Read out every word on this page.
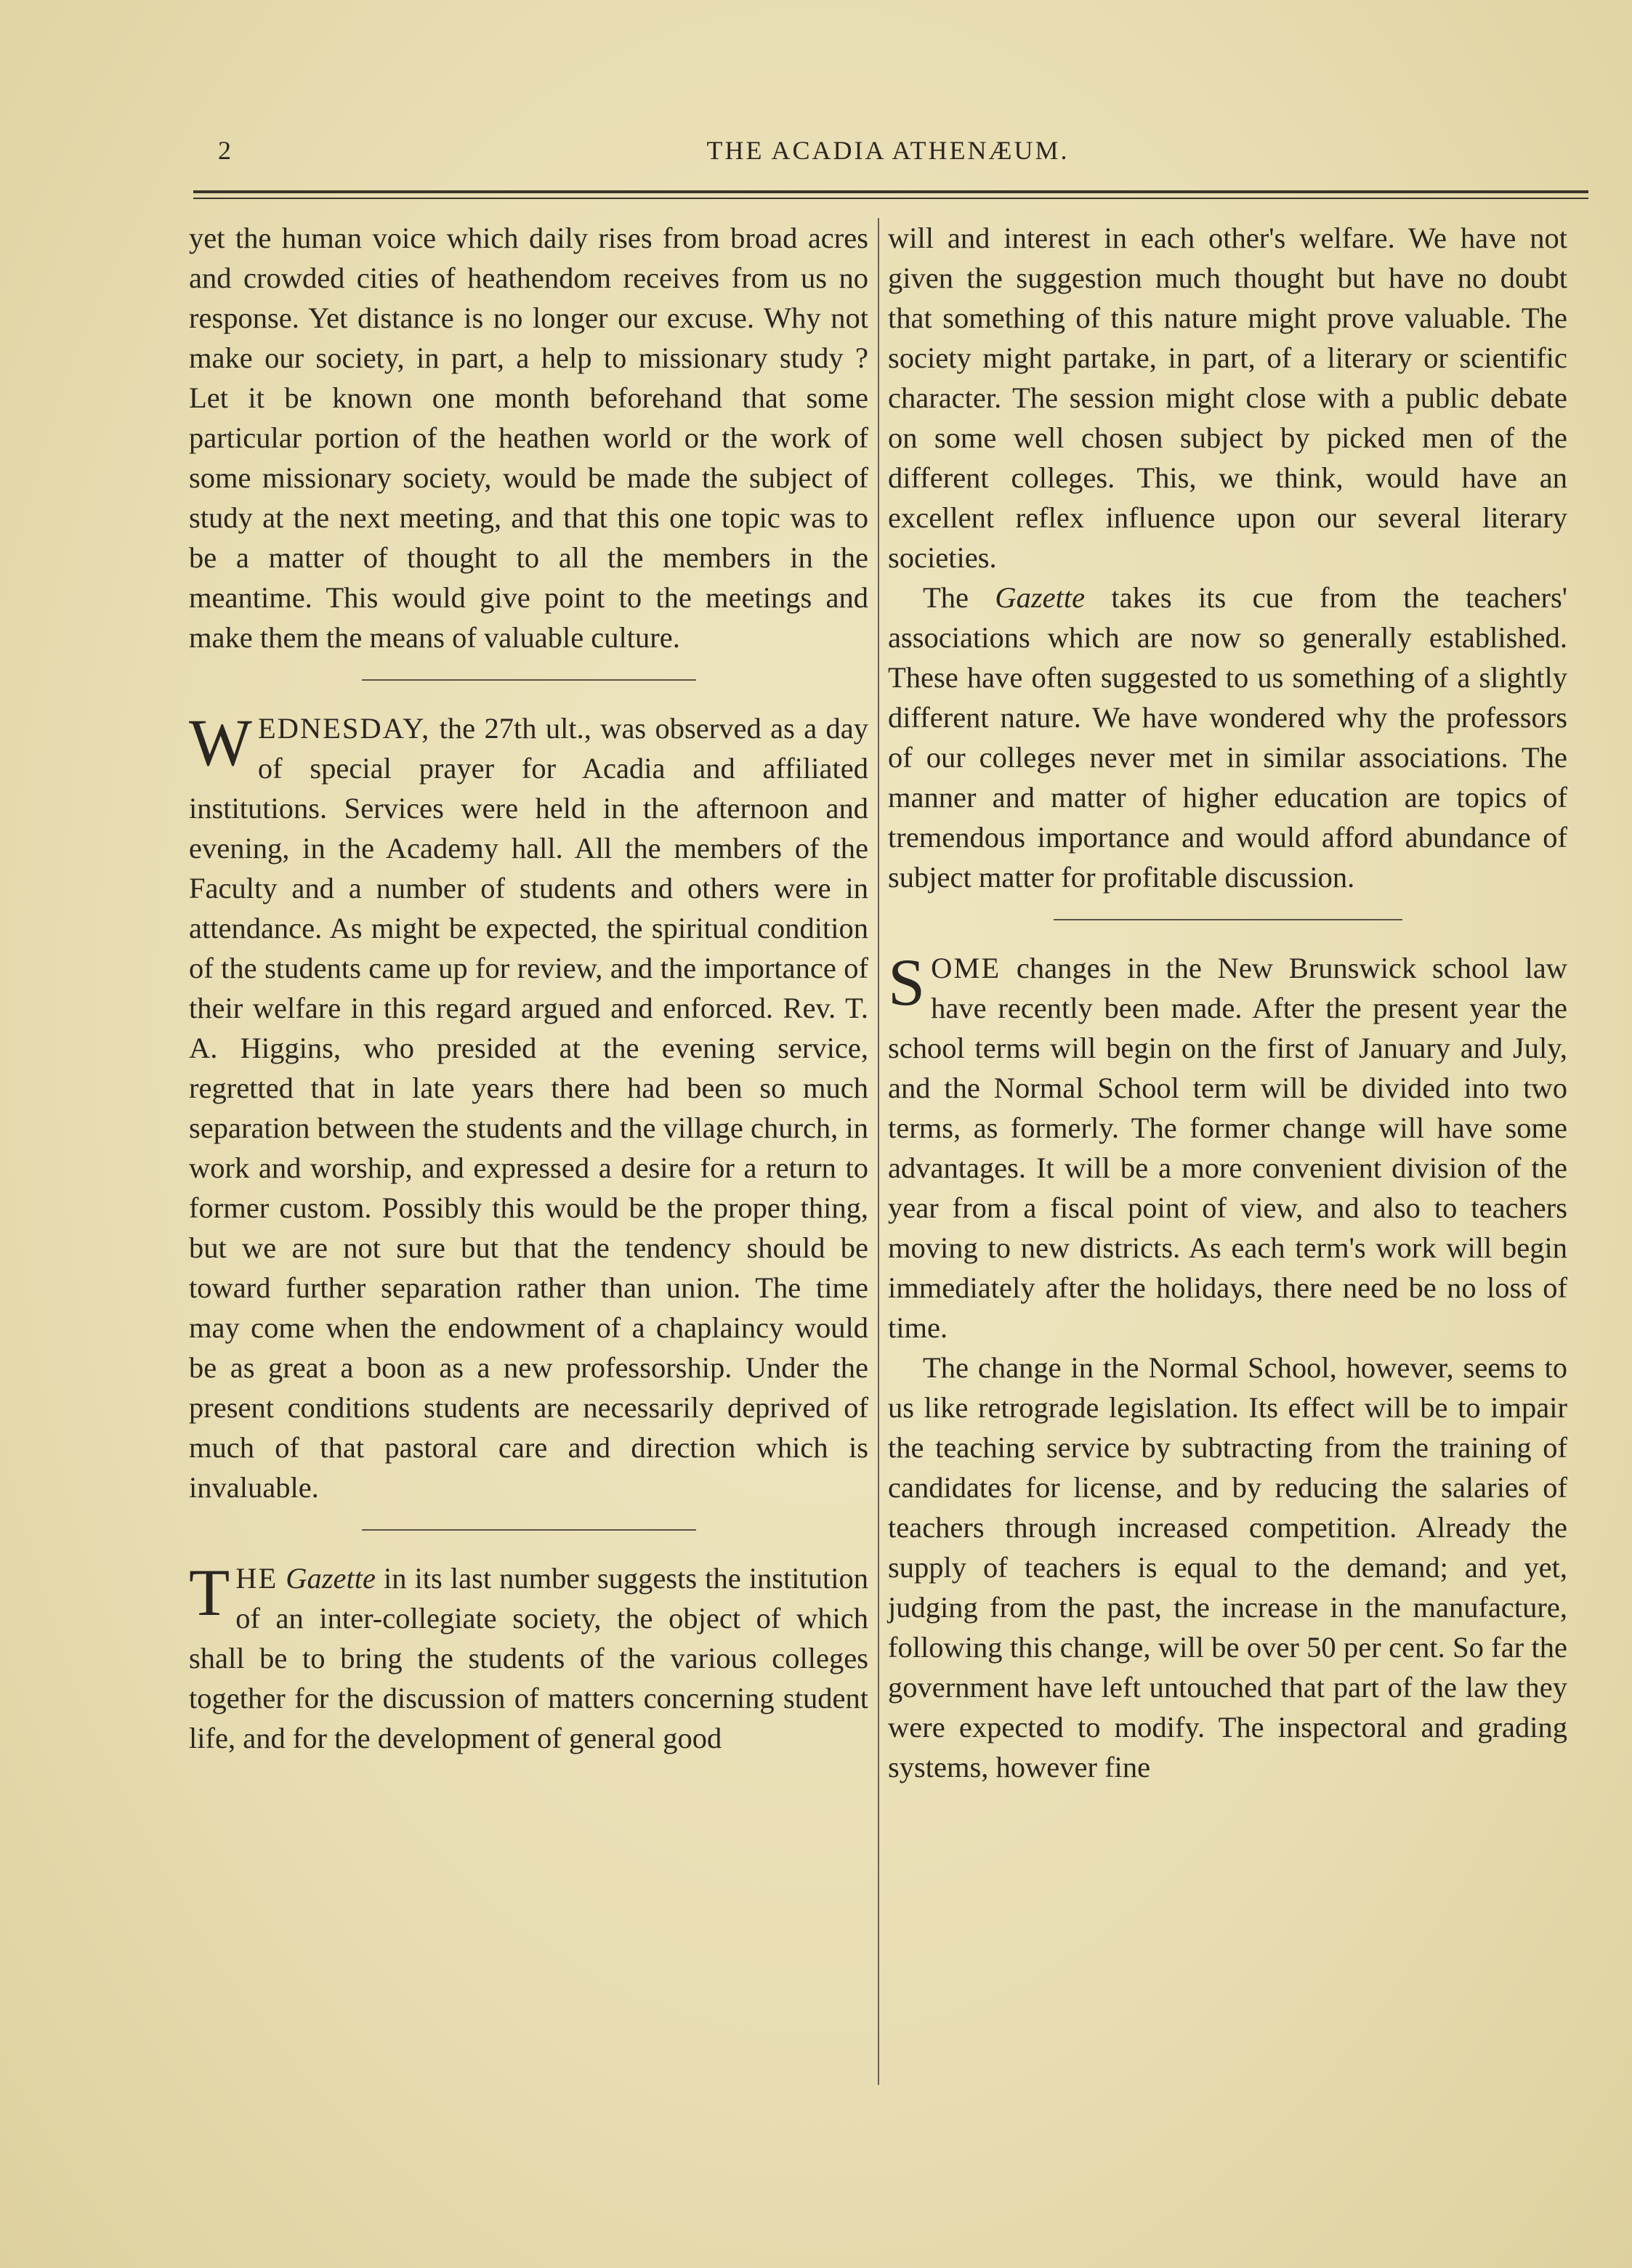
2	THE ACADIA ATHENÆUM.

yet the human voice which daily rises from broad acres and crowded cities of heathendom receives from us no response. Yet distance is no longer our excuse. Why not make our society, in part, a help to missionary study ? Let it be known one month beforehand that some particular portion of the heathen world or the work of some missionary society, would be made the subject of study at the next meeting, and that this one topic was to be a matter of thought to all the members in the meantime. This would give point to the meetings and make them the means of valuable culture.

WEDNESDAY, the 27th ult., was observed as a day of special prayer for Acadia and affiliated institutions. Services were held in the afternoon and evening, in the Academy hall. All the members of the Faculty and a number of students and others were in attendance. As might be expected, the spiritual condition of the students came up for review, and the importance of their welfare in this regard argued and enforced. Rev. T. A. Higgins, who presided at the evening service, regretted that in late years there had been so much separation between the students and the village church, in work and worship, and expressed a desire for a return to former custom. Possibly this would be the proper thing, but we are not sure but that the tendency should be toward further separation rather than union. The time may come when the endowment of a chaplaincy would be as great a boon as a new professorship. Under the present conditions students are necessarily deprived of much of that pastoral care and direction which is invaluable.

THE Gazette in its last number suggests the institution of an inter-collegiate society, the object of which shall be to bring the students of the various colleges together for the discussion of matters concerning student life, and for the development of general good

will and interest in each other's welfare. We have not given the suggestion much thought but have no doubt that something of this nature might prove valuable. The society might partake, in part, of a literary or scientific character. The session might close with a public debate on some well chosen subject by picked men of the different colleges. This, we think, would have an excellent reflex influence upon our several literary societies.

The Gazette takes its cue from the teachers' associations which are now so generally established. These have often suggested to us something of a slightly different nature. We have wondered why the professors of our colleges never met in similar associations. The manner and matter of higher education are topics of tremendous importance and would afford abundance of subject matter for profitable discussion.

SOME changes in the New Brunswick school law have recently been made. After the present year the school terms will begin on the first of January and July, and the Normal School term will be divided into two terms, as formerly. The former change will have some advantages. It will be a more convenient division of the year from a fiscal point of view, and also to teachers moving to new districts. As each term's work will begin immediately after the holidays, there need be no loss of time.

The change in the Normal School, however, seems to us like retrograde legislation. Its effect will be to impair the teaching service by subtracting from the training of candidates for license, and by reducing the salaries of teachers through increased competition. Already the supply of teachers is equal to the demand; and yet, judging from the past, the increase in the manufacture, following this change, will be over 50 per cent. So far the government have left untouched that part of the law they were expected to modify. The inspectoral and grading systems, however fine
